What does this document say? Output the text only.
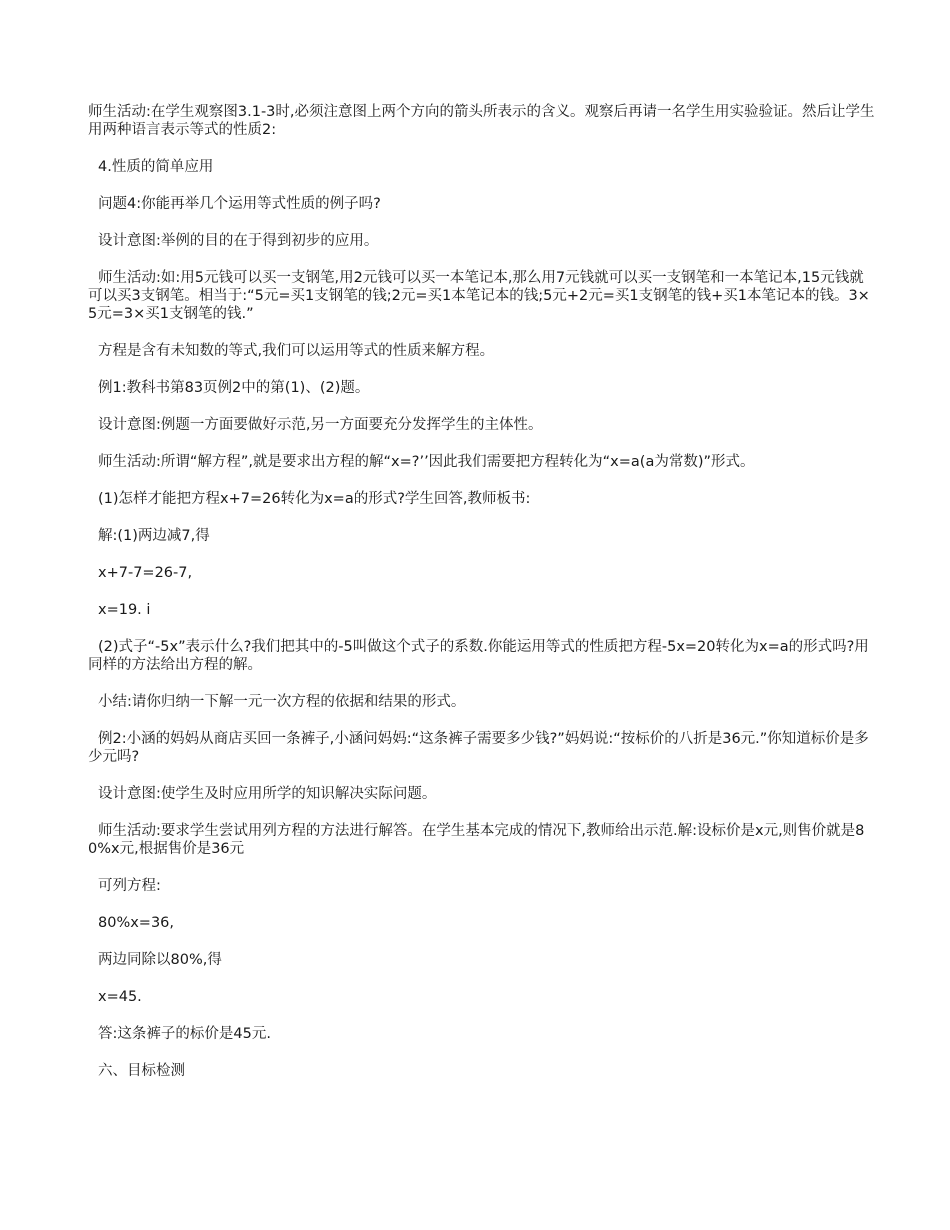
师生活动:在学生观察图3.1-3时,必须注意图上两个方向的箭头所表示的含义。观察后再请一名学生用实验验证。然后让学生用两种语言表示等式的性质2:

4.性质的简单应用

问题4:你能再举几个运用等式性质的例子吗?

设计意图:举例的目的在于得到初步的应用。

师生活动:如:用5元钱可以买一支钢笔,用2元钱可以买一本笔记本,那么用7元钱就可以买一支钢笔和一本笔记本,15元钱就可以买3支钢笔。相当于:“5元=买1支钢笔的钱;2元=买1本笔记本的钱;5元+2元=买1支钢笔的钱+买1本笔记本的钱。3×5元=3×买1支钢笔的钱.”

方程是含有未知数的等式,我们可以运用等式的性质来解方程。

例1:教科书第83页例2中的第(1)、(2)题。

设计意图:例题一方面要做好示范,另一方面要充分发挥学生的主体性。

师生活动:所谓“解方程”,就是要求出方程的解“x=?’’因此我们需要把方程转化为“x=a(a为常数)”形式。

(1)怎样才能把方程x+7=26转化为x=a的形式?学生回答,教师板书:

解:(1)两边减7,得

x+7-7=26-7,

x=19. i

(2)式子“-5x”表示什么?我们把其中的-5叫做这个式子的系数.你能运用等式的性质把方程-5x=20转化为x=a的形式吗?用同样的方法给出方程的解。

小结:请你归纳一下解一元一次方程的依据和结果的形式。

例2:小涵的妈妈从商店买回一条裤子,小涵问妈妈:“这条裤子需要多少钱?”妈妈说:“按标价的八折是36元.”你知道标价是多少元吗?

设计意图:使学生及时应用所学的知识解决实际问题。

师生活动:要求学生尝试用列方程的方法进行解答。在学生基本完成的情况下,教师给出示范.解:设标价是x元,则售价就是80%x元,根据售价是36元

可列方程:

80%x=36,

两边同除以80%,得

x=45.

答:这条裤子的标价是45元.

六、目标检测
